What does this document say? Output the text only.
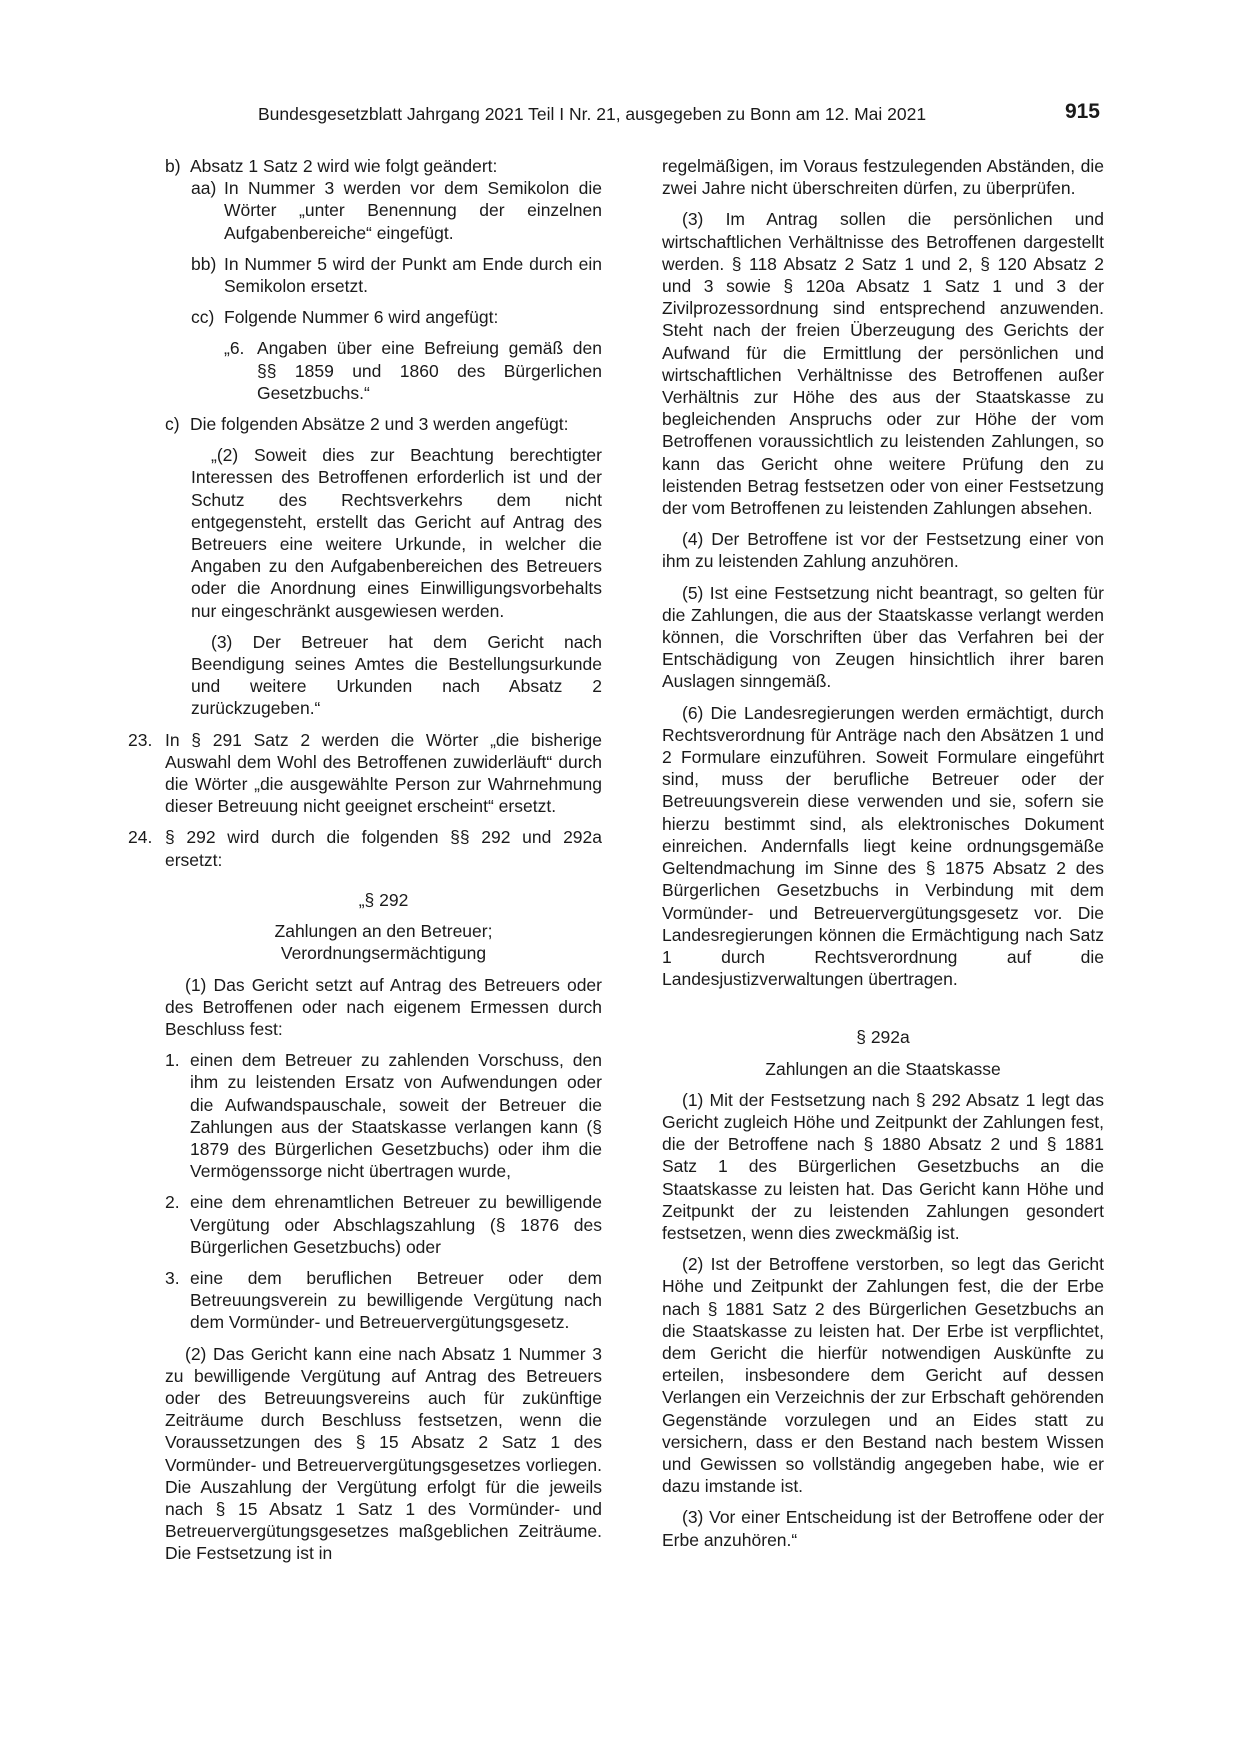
Bundesgesetzblatt Jahrgang 2021 Teil I Nr. 21, ausgegeben zu Bonn am 12. Mai 2021	915
b) Absatz 1 Satz 2 wird wie folgt geändert:
aa) In Nummer 3 werden vor dem Semikolon die Wörter „unter Benennung der einzelnen Aufgabenbereiche“ eingefügt.
bb) In Nummer 5 wird der Punkt am Ende durch ein Semikolon ersetzt.
cc) Folgende Nummer 6 wird angefügt:
„6. Angaben über eine Befreiung gemäß den §§ 1859 und 1860 des Bürgerlichen Gesetzbuchs.“
c) Die folgenden Absätze 2 und 3 werden angefügt:

„(2) Soweit dies zur Beachtung berechtigter Interessen des Betroffenen erforderlich ist und der Schutz des Rechtsverkehrs dem nicht entgegensteht, erstellt das Gericht auf Antrag des Betreuers eine weitere Urkunde, in welcher die Angaben zu den Aufgabenbereichen des Betreuers oder die Anordnung eines Einwilligungsvorbehalts nur eingeschränkt ausgewiesen werden.

(3) Der Betreuer hat dem Gericht nach Beendigung seines Amtes die Bestellungsurkunde und weitere Urkunden nach Absatz 2 zurückzugeben.“

23. In § 291 Satz 2 werden die Wörter „die bisherige Auswahl dem Wohl des Betroffenen zuwiderläuft“ durch die Wörter „die ausgewählte Person zur Wahrnehmung dieser Betreuung nicht geeignet erscheint“ ersetzt.
24. § 292 wird durch die folgenden §§ 292 und 292a ersetzt:

„§ 292

Zahlungen an den Betreuer;

Verordnungsermächtigung

(1) Das Gericht setzt auf Antrag des Betreuers oder des Betroffenen oder nach eigenem Ermessen durch Beschluss fest:

1. einen dem Betreuer zu zahlenden Vorschuss, den ihm zu leistenden Ersatz von Aufwendungen oder die Aufwandspauschale, soweit der Betreuer die Zahlungen aus der Staatskasse verlangen kann (§ 1879 des Bürgerlichen Gesetzbuchs) oder ihm die Vermögenssorge nicht übertragen wurde,
2. eine dem ehrenamtlichen Betreuer zu bewilligende Vergütung oder Abschlagszahlung (§ 1876 des Bürgerlichen Gesetzbuchs) oder
3. eine dem beruflichen Betreuer oder dem Betreuungsverein zu bewilligende Vergütung nach dem Vormünder- und Betreuervergütungsgesetz.

(2) Das Gericht kann eine nach Absatz 1 Nummer 3 zu bewilligende Vergütung auf Antrag des Betreuers oder des Betreuungsvereins auch für zukünftige Zeiträume durch Beschluss festsetzen, wenn die Voraussetzungen des § 15 Absatz 2 Satz 1 des Vormünder- und Betreuervergütungsgesetzes vorliegen. Die Auszahlung der Vergütung erfolgt für die jeweils nach § 15 Absatz 1 Satz 1 des Vormünder- und Betreuervergütungsgesetzes maßgeblichen Zeiträume. Die Festsetzung ist in

regelmäßigen, im Voraus festzulegenden Abständen, die zwei Jahre nicht überschreiten dürfen, zu überprüfen.

(3) Im Antrag sollen die persönlichen und wirtschaftlichen Verhältnisse des Betroffenen dargestellt werden. § 118 Absatz 2 Satz 1 und 2, § 120 Absatz 2 und 3 sowie § 120a Absatz 1 Satz 1 und 3 der Zivilprozessordnung sind entsprechend anzuwenden. Steht nach der freien Überzeugung des Gerichts der Aufwand für die Ermittlung der persönlichen und wirtschaftlichen Verhältnisse des Betroffenen außer Verhältnis zur Höhe des aus der Staatskasse zu begleichenden Anspruchs oder zur Höhe der vom Betroffenen voraussichtlich zu leistenden Zahlungen, so kann das Gericht ohne weitere Prüfung den zu leistenden Betrag festsetzen oder von einer Festsetzung der vom Betroffenen zu leistenden Zahlungen absehen.

(4) Der Betroffene ist vor der Festsetzung einer von ihm zu leistenden Zahlung anzuhören.

(5) Ist eine Festsetzung nicht beantragt, so gelten für die Zahlungen, die aus der Staatskasse verlangt werden können, die Vorschriften über das Verfahren bei der Entschädigung von Zeugen hinsichtlich ihrer baren Auslagen sinngemäß.

(6) Die Landesregierungen werden ermächtigt, durch Rechtsverordnung für Anträge nach den Absätzen 1 und 2 Formulare einzuführen. Soweit Formulare eingeführt sind, muss der berufliche Betreuer oder der Betreuungsverein diese verwenden und sie, sofern sie hierzu bestimmt sind, als elektronisches Dokument einreichen. Andernfalls liegt keine ordnungsgemäße Geltendmachung im Sinne des § 1875 Absatz 2 des Bürgerlichen Gesetzbuchs in Verbindung mit dem Vormünder- und Betreuervergütungsgesetz vor. Die Landesregierungen können die Ermächtigung nach Satz 1 durch Rechtsverordnung auf die Landesjustizverwaltungen übertragen.

§ 292a

Zahlungen an die Staatskasse

(1) Mit der Festsetzung nach § 292 Absatz 1 legt das Gericht zugleich Höhe und Zeitpunkt der Zahlungen fest, die der Betroffene nach § 1880 Absatz 2 und § 1881 Satz 1 des Bürgerlichen Gesetzbuchs an die Staatskasse zu leisten hat. Das Gericht kann Höhe und Zeitpunkt der zu leistenden Zahlungen gesondert festsetzen, wenn dies zweckmäßig ist.

(2) Ist der Betroffene verstorben, so legt das Gericht Höhe und Zeitpunkt der Zahlungen fest, die der Erbe nach § 1881 Satz 2 des Bürgerlichen Gesetzbuchs an die Staatskasse zu leisten hat. Der Erbe ist verpflichtet, dem Gericht die hierfür notwendigen Auskünfte zu erteilen, insbesondere dem Gericht auf dessen Verlangen ein Verzeichnis der zur Erbschaft gehörenden Gegenstände vorzulegen und an Eides statt zu versichern, dass er den Bestand nach bestem Wissen und Gewissen so vollständig angegeben habe, wie er dazu imstande ist.

(3) Vor einer Entscheidung ist der Betroffene oder der Erbe anzuhören.“
